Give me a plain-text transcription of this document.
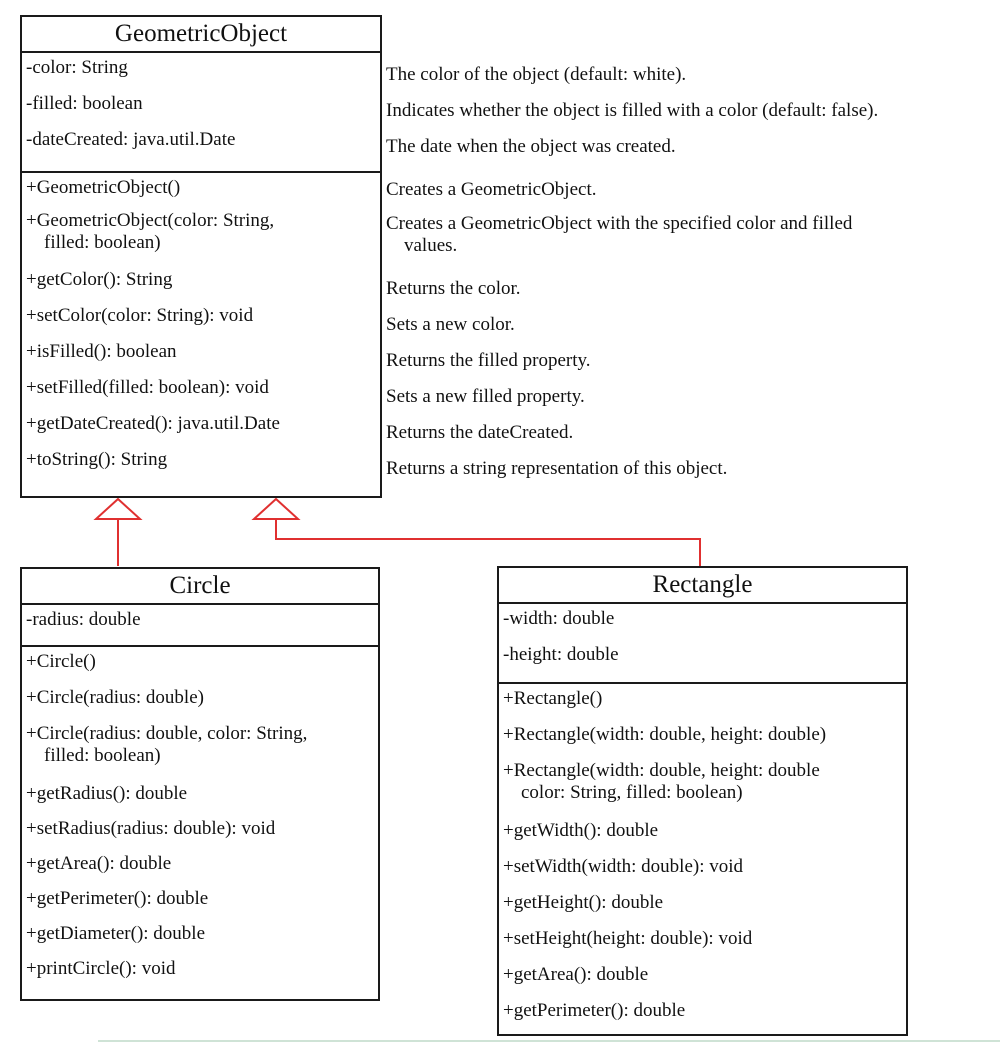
GeometricObject
-color: String
-filled: boolean
-dateCreated: java.util.Date
+GeometricObject()
+GeometricObject(color: String,
filled: boolean)
+getColor(): String
+setColor(color: String): void
+isFilled(): boolean
+setFilled(filled: boolean): void
+getDateCreated(): java.util.Date
+toString(): String
The color of the object (default: white).
Indicates whether the object is filled with a color (default: false).
The date when the object was created.
Creates a GeometricObject.
Creates a GeometricObject with the specified color and filled
values.
Returns the color.
Sets a new color.
Returns the filled property.
Sets a new filled property.
Returns the dateCreated.
Returns a string representation of this object.
Circle
-radius: double
+Circle()
+Circle(radius: double)
+Circle(radius: double, color: String,
filled: boolean)
+getRadius(): double
+setRadius(radius: double): void
+getArea(): double
+getPerimeter(): double
+getDiameter(): double
+printCircle(): void
Rectangle
-width: double
-height: double
+Rectangle()
+Rectangle(width: double, height: double)
+Rectangle(width: double, height: double
color: String, filled: boolean)
+getWidth(): double
+setWidth(width: double): void
+getHeight(): double
+setHeight(height: double): void
+getArea(): double
+getPerimeter(): double
